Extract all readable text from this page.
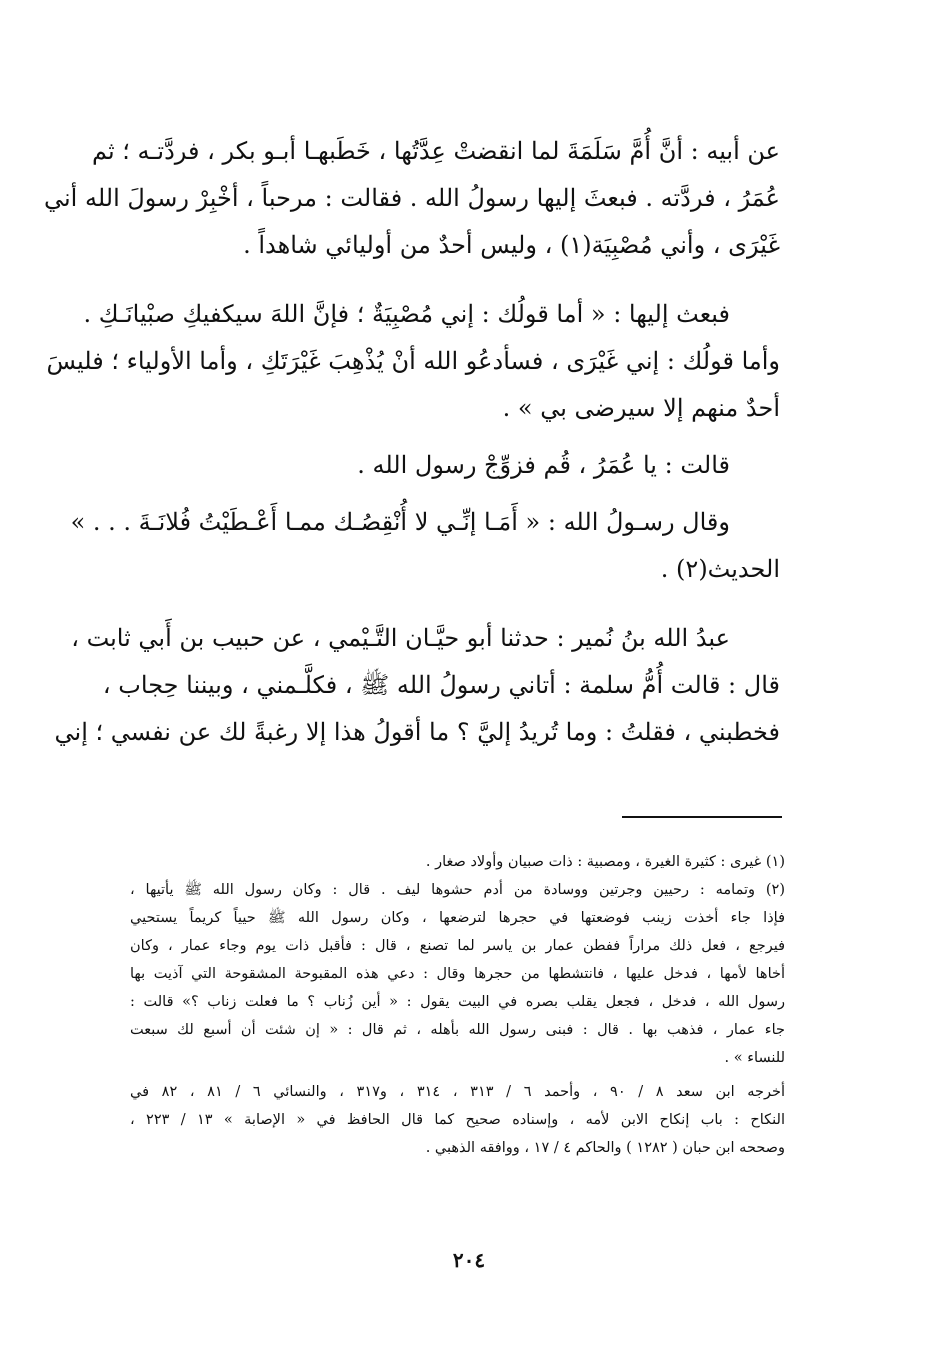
عن أبيه : أنَّ أُمَّ سَلَمَةَ لما انقضتْ عِدَّتُها ، خَطَبهـا أبـو بكر ، فردَّتـه ؛ ثم
عُمَرُ ، فردَّته . فبعثَ إليها رسولُ الله . فقالت : مرحباً ، أخْبِرْ رسولَ الله أني
غَيْرَى ، وأني مُصْبِيَة(١) ، وليس أحدٌ من أوليائي شاهداً .
فبعث إليها : « أما قولُك : إني مُصْبِيَةٌ ؛ فإنَّ اللهَ سيكفيكِ صبْيانَـكِ .
وأما قولُك : إني غَيْرَى ، فسأدعُو الله أنْ يُذْهِبَ غَيْرَتَكِ ، وأما الأولياء ؛ فليسَ
أحدٌ منهم إلا سيرضى بي » .
قالت : يا عُمَرُ ، قُم فزوِّجْ رسول الله .
وقال رسـولُ الله : « أَمَـا إنِّـي لا أُنْقِصُـك ممـا أَعْـطَيْتُ فُلانَـةَ . . . »
الحديث(٢) .
عبدُ الله بنُ نُمير : حدثنا أبو حيَّـان التَّـيْمي ، عن حبيب بن أَبي ثابت ،
قال : قالت أُمُّ سلمة : أتاني رسولُ الله ﷺ ، فكلَّـمني ، وبيننا حِجاب ،
فخطبني ، فقلتُ : وما تُريدُ إليَّ ؟ ما أقولُ هذا إلا رغبةً لك عن نفسي ؛ إني
(١) غيرى : كثيرة الغيرة ، ومصبية : ذات صبيان وأولاد صغار .
(٢) وتمامه : رحيين وجرتين ووسادة من أدم حشوها ليف . قال : وكان رسول الله ﷺ يأتيها ،
فإذا جاء أخذت زينب فوضعتها في حجرها لترضعها ، وكان رسول الله ﷺ حيياً كريماً يستحيي
فيرجع ، فعل ذلك مراراً ففطن عمار بن ياسر لما تصنع ، قال : فأقبل ذات يوم وجاء عمار ، وكان
أخاها لأمها ، فدخل عليها ، فانتشطها من حجرها وقال : دعي هذه المقبوحة المشقوحة التي آذيت بها
رسول الله ، فدخل ، فجعل يقلب بصره في البيت يقول : « أين زُناب ؟ ما فعلت زناب ؟» قالت :
جاء عمار ، فذهب بها . قال : فبنى رسول الله بأهله ، ثم قال : « إن شئت أن أسبع لك سبعت
للنساء » .
أخرجه ابن سعد ٨ / ٩٠ ، وأحمد ٦ / ٣١٣ ، ٣١٤ ، و٣١٧ ، والنسائي ٦ / ٨١ ، ٨٢ في
النكاح : باب إنكاح الابن لأمه ، وإسناده صحيح كما قال الحافظ في « الإصابة » ١٣ / ٢٢٣ ،
وصححه ابن حبان ( ١٢٨٢ ) والحاكم ٤ / ١٧ ، ووافقه الذهبي .
٢٠٤
